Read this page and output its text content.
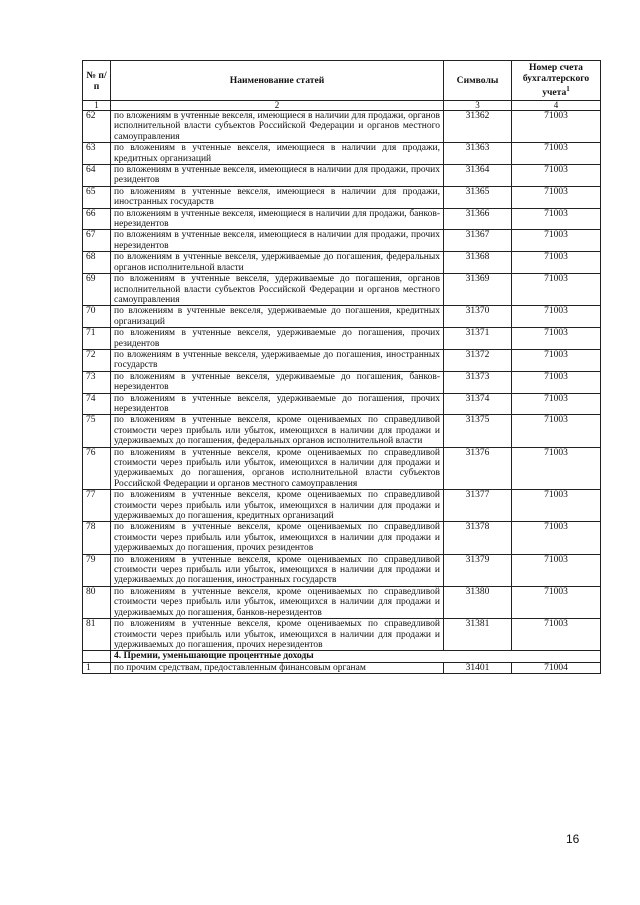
№ п/п	Наименование статей	Символы	Номер счета бухгалтерского учета$^1$
1	2	3	4
62	по вложениям в учтенные векселя, имеющиеся в наличии для продажи, органов исполнительной власти субъектов Российской Федерации и органов местного самоуправления	31362	71003
63	по вложениям в учтенные векселя, имеющиеся в наличии для продажи, кредитных организаций	31363	71003
64	по вложениям в учтенные векселя, имеющиеся в наличии для продажи, прочих резидентов	31364	71003
65	по вложениям в учтенные векселя, имеющиеся в наличии для продажи, иностранных государств	31365	71003
66	по вложениям в учтенные векселя, имеющиеся в наличии для продажи, банков-нерезидентов	31366	71003
67	по вложениям в учтенные векселя, имеющиеся в наличии для продажи, прочих нерезидентов	31367	71003
68	по вложениям в учтенные векселя, удерживаемые до погашения, федеральных органов исполнительной власти	31368	71003
69	по вложениям в учтенные векселя, удерживаемые до погашения, органов исполнительной власти субъектов Российской Федерации и органов местного самоуправления	31369	71003
70	по вложениям в учтенные векселя, удерживаемые до погашения, кредитных организаций	31370	71003
71	по вложениям в учтенные векселя, удерживаемые до погашения, прочих резидентов	31371	71003
72	по вложениям в учтенные векселя, удерживаемые до погашения, иностранных государств	31372	71003
73	по вложениям в учтенные векселя, удерживаемые до погашения, банков-нерезидентов	31373	71003
74	по вложениям в учтенные векселя, удерживаемые до погашения, прочих нерезидентов	31374	71003
75	по вложениям в учтенные векселя, кроме оцениваемых по справедливой стоимости через прибыль или убыток, имеющихся в наличии для продажи и удерживаемых до погашения, федеральных органов исполнительной власти	31375	71003
76	по вложениям в учтенные векселя, кроме оцениваемых по справедливой стоимости через прибыль или убыток, имеющихся в наличии для продажи и удерживаемых до погашения, органов исполнительной власти субъектов Российской Федерации и органов местного самоуправления	31376	71003
77	по вложениям в учтенные векселя, кроме оцениваемых по справедливой стоимости через прибыль или убыток, имеющихся в наличии для продажи и удерживаемых до погашения, кредитных организаций	31377	71003
78	по вложениям в учтенные векселя, кроме оцениваемых по справедливой стоимости через прибыль или убыток, имеющихся в наличии для продажи и удерживаемых до погашения, прочих резидентов	31378	71003
79	по вложениям в учтенные векселя, кроме оцениваемых по справедливой стоимости через прибыль или убыток, имеющихся в наличии для продажи и удерживаемых до погашения, иностранных государств	31379	71003
80	по вложениям в учтенные векселя, кроме оцениваемых по справедливой стоимости через прибыль или убыток, имеющихся в наличии для продажи и удерживаемых до погашения, банков-нерезидентов	31380	71003
81	по вложениям в учтенные векселя, кроме оцениваемых по справедливой стоимости через прибыль или убыток, имеющихся в наличии для продажи и удерживаемых до погашения, прочих нерезидентов	31381	71003
	4. Премии, уменьшающие процентные доходы		
1	по прочим средствам, предоставленным финансовым органам	31401	71004
16
